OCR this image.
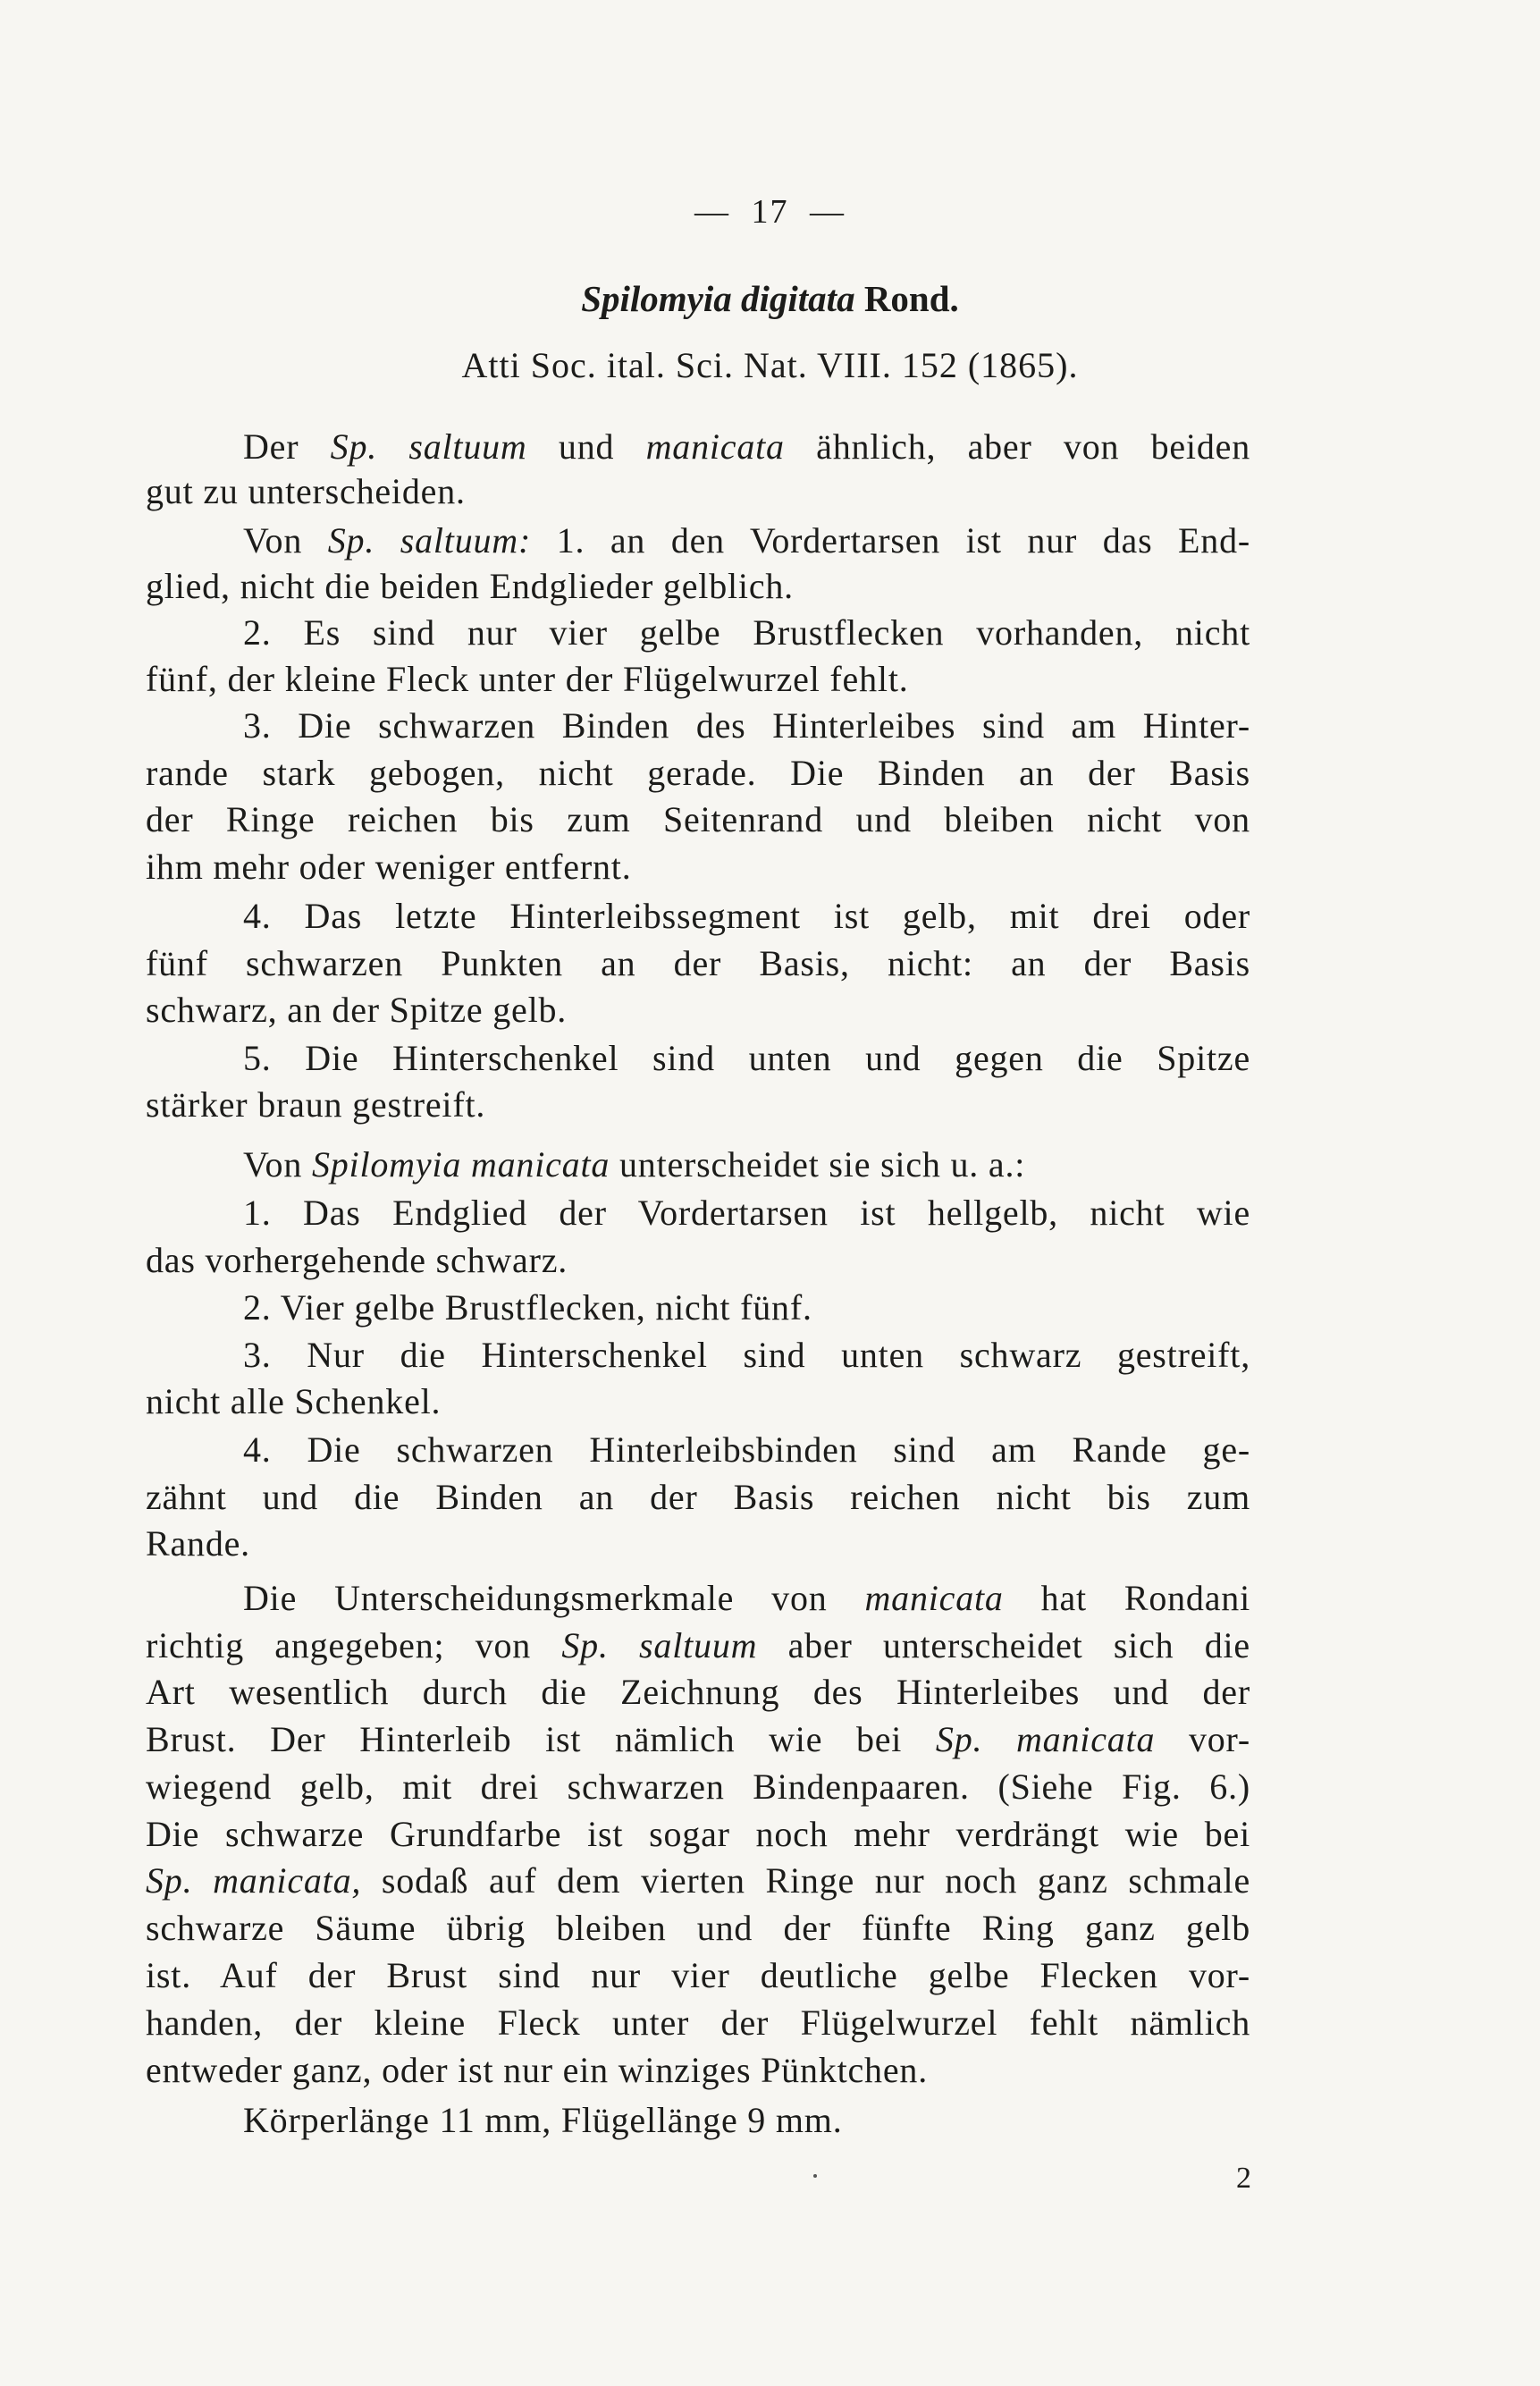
— 17 —
Spilomyia digitata Rond.
Atti Soc. ital. Sci. Nat. VIII. 152 (1865).
Der Sp. saltuum und manicata ähnlich, aber von beiden
gut zu unterscheiden.
Von Sp. saltuum: 1. an den Vordertarsen ist nur das End-
glied, nicht die beiden Endglieder gelblich.
2. Es sind nur vier gelbe Brustflecken vorhanden, nicht
fünf, der kleine Fleck unter der Flügelwurzel fehlt.
3. Die schwarzen Binden des Hinterleibes sind am Hinter-
rande stark gebogen, nicht gerade. Die Binden an der Basis
der Ringe reichen bis zum Seitenrand und bleiben nicht von
ihm mehr oder weniger entfernt.
4. Das letzte Hinterleibssegment ist gelb, mit drei oder
fünf schwarzen Punkten an der Basis, nicht: an der Basis
schwarz, an der Spitze gelb.
5. Die Hinterschenkel sind unten und gegen die Spitze
stärker braun gestreift.
Von Spilomyia manicata unterscheidet sie sich u. a.:
1. Das Endglied der Vordertarsen ist hellgelb, nicht wie
das vorhergehende schwarz.
2. Vier gelbe Brustflecken, nicht fünf.
3. Nur die Hinterschenkel sind unten schwarz gestreift,
nicht alle Schenkel.
4. Die schwarzen Hinterleibsbinden sind am Rande ge-
zähnt und die Binden an der Basis reichen nicht bis zum
Rande.
Die Unterscheidungsmerkmale von manicata hat Rondani
richtig angegeben; von Sp. saltuum aber unterscheidet sich die
Art wesentlich durch die Zeichnung des Hinterleibes und der
Brust. Der Hinterleib ist nämlich wie bei Sp. manicata vor-
wiegend gelb, mit drei schwarzen Bindenpaaren. (Siehe Fig. 6.)
Die schwarze Grundfarbe ist sogar noch mehr verdrängt wie bei
Sp. manicata, sodaß auf dem vierten Ringe nur noch ganz schmale
schwarze Säume übrig bleiben und der fünfte Ring ganz gelb
ist. Auf der Brust sind nur vier deutliche gelbe Flecken vor-
handen, der kleine Fleck unter der Flügelwurzel fehlt nämlich
entweder ganz, oder ist nur ein winziges Pünktchen.
Körperlänge 11 mm, Flügellänge 9 mm.
2
